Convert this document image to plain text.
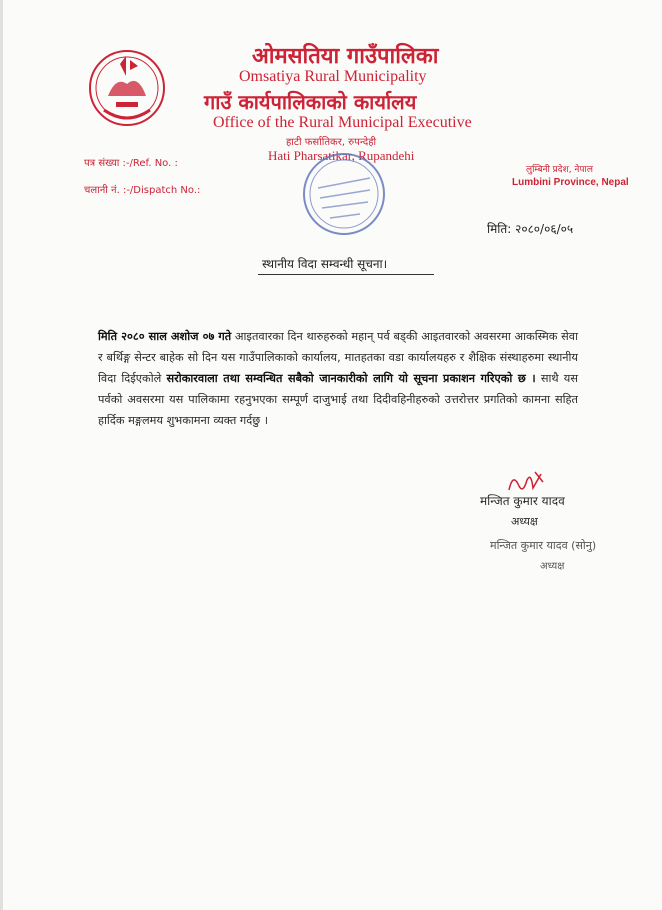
ओमसतिया गाउँपालिका
Omsatiya Rural Municipality
गाउँ कार्यपालिकाको कार्यालय
Office of the Rural Municipal Executive
हाटी फर्सातिकर, रुपन्देही
Hati Pharsatikar, Rupandehi
पत्र संख्या :-/Ref. No. :
चलानी नं. :-/Dispatch No.:
लुम्बिनी प्रदेश, नेपाल
Lumbini Province, Nepal
मिति: २०८०/०६/०५
स्थानीय विदा सम्वन्धी सूचना।
मिति २०८० साल अशोज ०७ गते आइतवारका दिन थारुहरुको महान् पर्व बड्की आइतवारको अवसरमा आकस्मिक सेवा र बर्थिङ्ग सेन्टर बाहेक सो दिन यस गाउँपालिकाको कार्यालय, मातहतका वडा कार्यालयहरु र शैक्षिक संस्थाहरुमा स्थानीय विदा दिईएकोले सरोकारवाला तथा सम्वन्धित सबैको जानकारीको लागि यो सूचना प्रकाशन गरिएको छ । साथै यस पर्वको अवसरमा यस पालिकामा रहनुभएका सम्पूर्ण दाजुभाई तथा दिदीवहिनीहरुको उत्तरोत्तर प्रगतिको कामना सहित हार्दिक मङ्गलमय शुभकामना व्यक्त गर्दछु ।
मन्जित कुमार यादव
अध्यक्ष
मन्जित कुमार यादव (सोनु)
अध्यक्ष
